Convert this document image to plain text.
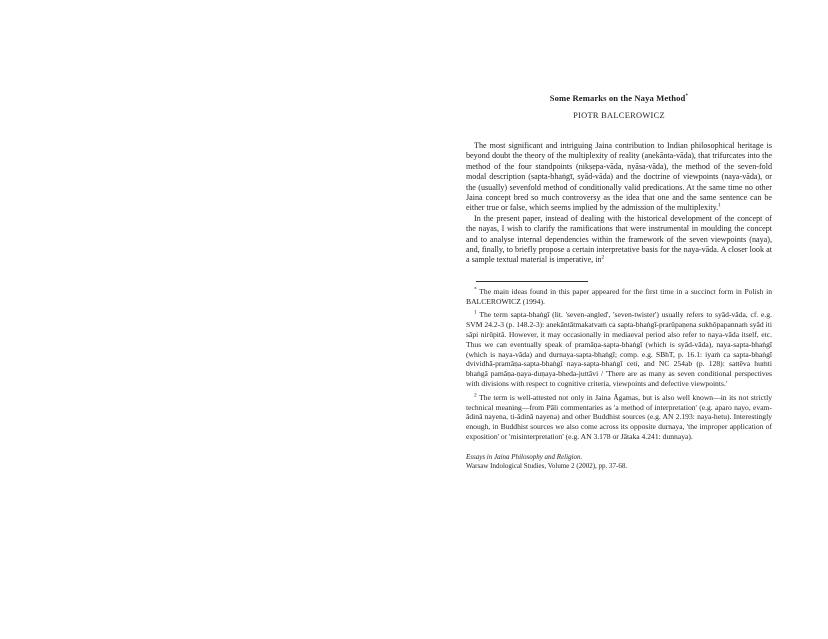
Some Remarks on the Naya Method*
PIOTR BALCEROWICZ

The most significant and intriguing Jaina contribution to Indian philosophical heritage is beyond doubt the theory of the multiplexity of reality (anekānta-vāda), that trifurcates into the method of the four standpoints (nikṣepa-vāda, nyāsa-vāda), the method of the seven-fold modal description (sapta-bhaṅgī, syād-vāda) and the doctrine of viewpoints (naya-vāda), or the (usually) sevenfold method of conditionally valid predications. At the same time no other Jaina concept bred so much controversy as the idea that one and the same sentence can be either true or false, which seems implied by the admission of the multiplexity.$^1$

In the present paper, instead of dealing with the historical development of the concept of the nayas, I wish to clarify the ramifications that were instrumental in moulding the concept and to analyse internal dependencies within the framework of the seven viewpoints (naya), and, finally, to briefly propose a certain interpretative basis for the naya-vāda. A closer look at a sample textual material is imperative, $in^2$

* The main ideas found in this paper appeared for the first time in a succinct form in Polish in BALCEROWICZ (1994).

$^1$ The term sapta-bhaṅgī (lit. 'seven-angled', 'seven-twister') usually refers to syād-vāda, cf. e.g. SVM 24.2-3 (p. 148.2-3): anekāntātmakatvaṁ ca sapta-bhaṅgī-prarūpaṇena sukhôpapannaṁ syād iti sâpi nirūpitā. However, it may occasionally in mediaeval period also refer to naya-vāda itself, etc. Thus we can eventually speak of pramāṇa-sapta-bhaṅgī (which is syād-vāda), naya-sapta-bhaṅgī (which is naya-vāda) and durnaya-sapta-bhaṅgī; comp. e.g. SBhT, p. 16.1: iyaṁ ca sapta-bhaṅgī dvividhā-pramāṇa-sapta-bhaṅgī naya-sapta-bhaṅgī ceti, and NC 254ab (p. 128): sattêva huṁti bhaṅgā pamāṇa-ṇaya-duṇaya-bheda-juttāvi / 'There are as many as seven conditional perspectives with divisions with respect to cognitive criteria, viewpoints and defective viewpoints.'

$^2$ The term is well-attested not only in Jaina Āgamas, but is also well known—in its not strictly technical meaning—from Pāli commentaries as 'a method of interpretation' (e.g. aparo nayo, evam-ādinā nayena, ti-ādinā nayena) and other Buddhist sources (e.g. AN 2.193: naya-hetu). Interestingly enough, in Buddhist sources we also come across its opposite durnaya, 'the improper application of exposition' or 'misinterpretation' (e.g. AN 3.178 or Jātaka 4.241: dunnaya).

Essays in Jaina Philosophy and Religion.
Warsaw Indological Studies, Volume 2 (2002), pp. 37-68.
